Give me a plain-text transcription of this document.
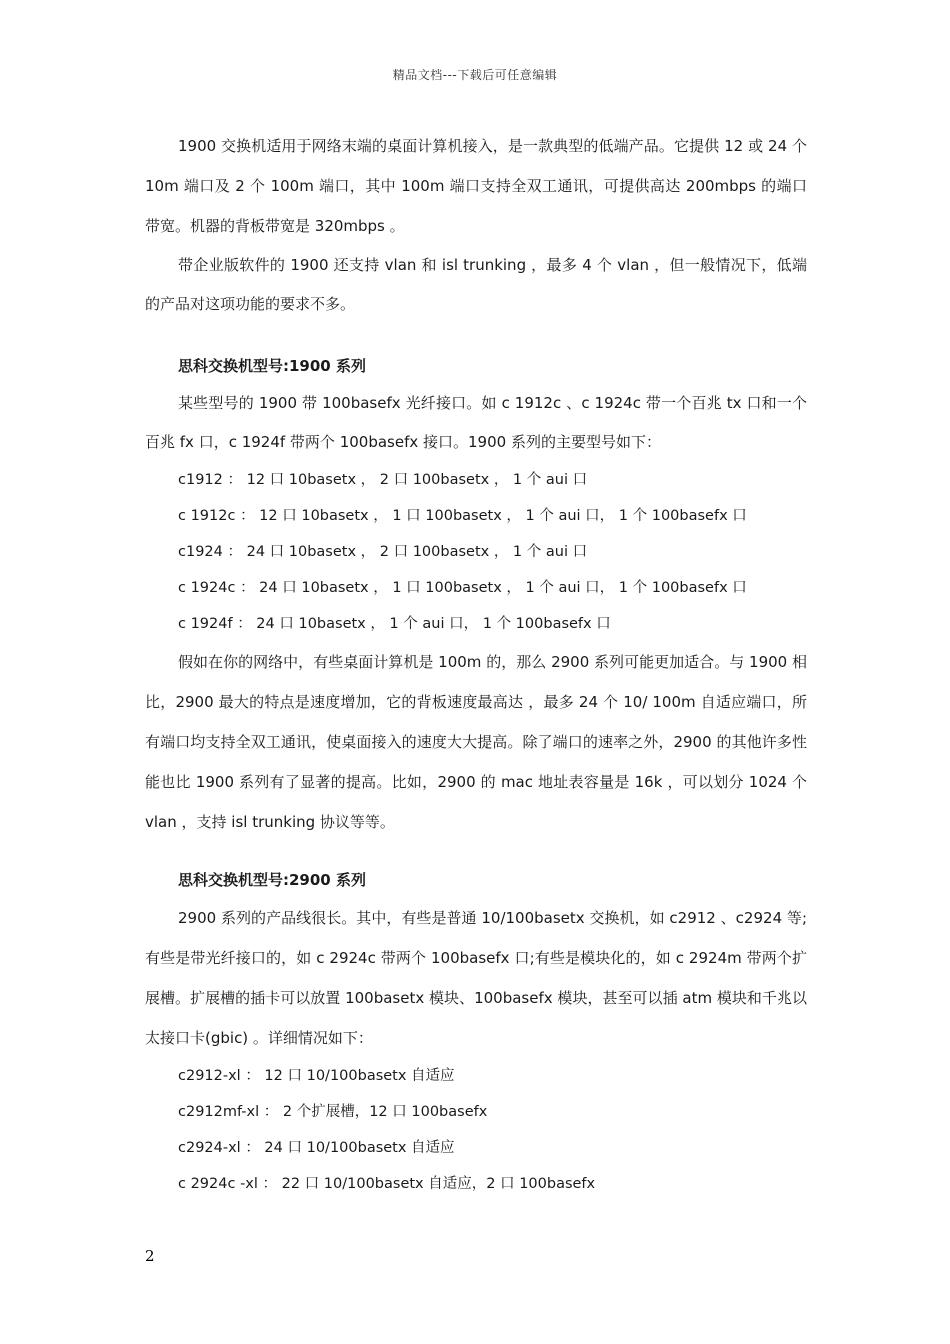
精品文档---下载后可任意编辑

1900 交换机适用于网络末端的桌面计算机接入，是一款典型的低端产品。它提供 12 或 24 个 10m 端口及 2 个 100m 端口，其中 100m 端口支持全双工通讯，可提供高达 200mbps 的端口带宽。机器的背板带宽是 320mbps 。

带企业版软件的 1900 还支持 vlan 和 isl trunking ，最多 4 个 vlan ，但一般情况下，低端的产品对这项功能的要求不多。

思科交换机型号:1900 系列

某些型号的 1900 带 100basefx 光纤接口。如 c 1912c 、c 1924c 带一个百兆 tx 口和一个百兆 fx 口，c 1924f 带两个 100basefx 接口。1900 系列的主要型号如下：

c1912 ： 12 口 10basetx ， 2 口 100basetx ， 1 个 aui 口

c 1912c ： 12 口 10basetx ， 1 口 100basetx ， 1 个 aui 口， 1 个 100basefx 口

c1924 ： 24 口 10basetx ， 2 口 100basetx ， 1 个 aui 口

c 1924c ： 24 口 10basetx ， 1 口 100basetx ， 1 个 aui 口， 1 个 100basefx 口

c 1924f ： 24 口 10basetx ， 1 个 aui 口， 1 个 100basefx 口

假如在你的网络中，有些桌面计算机是 100m 的，那么 2900 系列可能更加适合。与 1900 相比，2900 最大的特点是速度增加，它的背板速度最高达 ，最多 24 个 10/ 100m 自适应端口，所有端口均支持全双工通讯，使桌面接入的速度大大提高。除了端口的速率之外，2900 的其他许多性能也比 1900 系列有了显著的提高。比如，2900 的 mac 地址表容量是 16k ，可以划分 1024 个 vlan ，支持 isl trunking 协议等等。

思科交换机型号:2900 系列

2900 系列的产品线很长。其中，有些是普通 10/100basetx 交换机，如 c2912 、c2924 等;有些是带光纤接口的，如 c 2924c 带两个 100basefx 口;有些是模块化的，如 c 2924m 带两个扩展槽。扩展槽的插卡可以放置 100basetx 模块、100basefx 模块，甚至可以插 atm 模块和千兆以太接口卡(gbic) 。详细情况如下：

c2912-xl ： 12 口 10/100basetx 自适应

c2912mf-xl ： 2 个扩展槽，12 口 100basefx

c2924-xl ： 24 口 10/100basetx 自适应

c 2924c -xl ： 22 口 10/100basetx 自适应，2 口 100basefx

2
